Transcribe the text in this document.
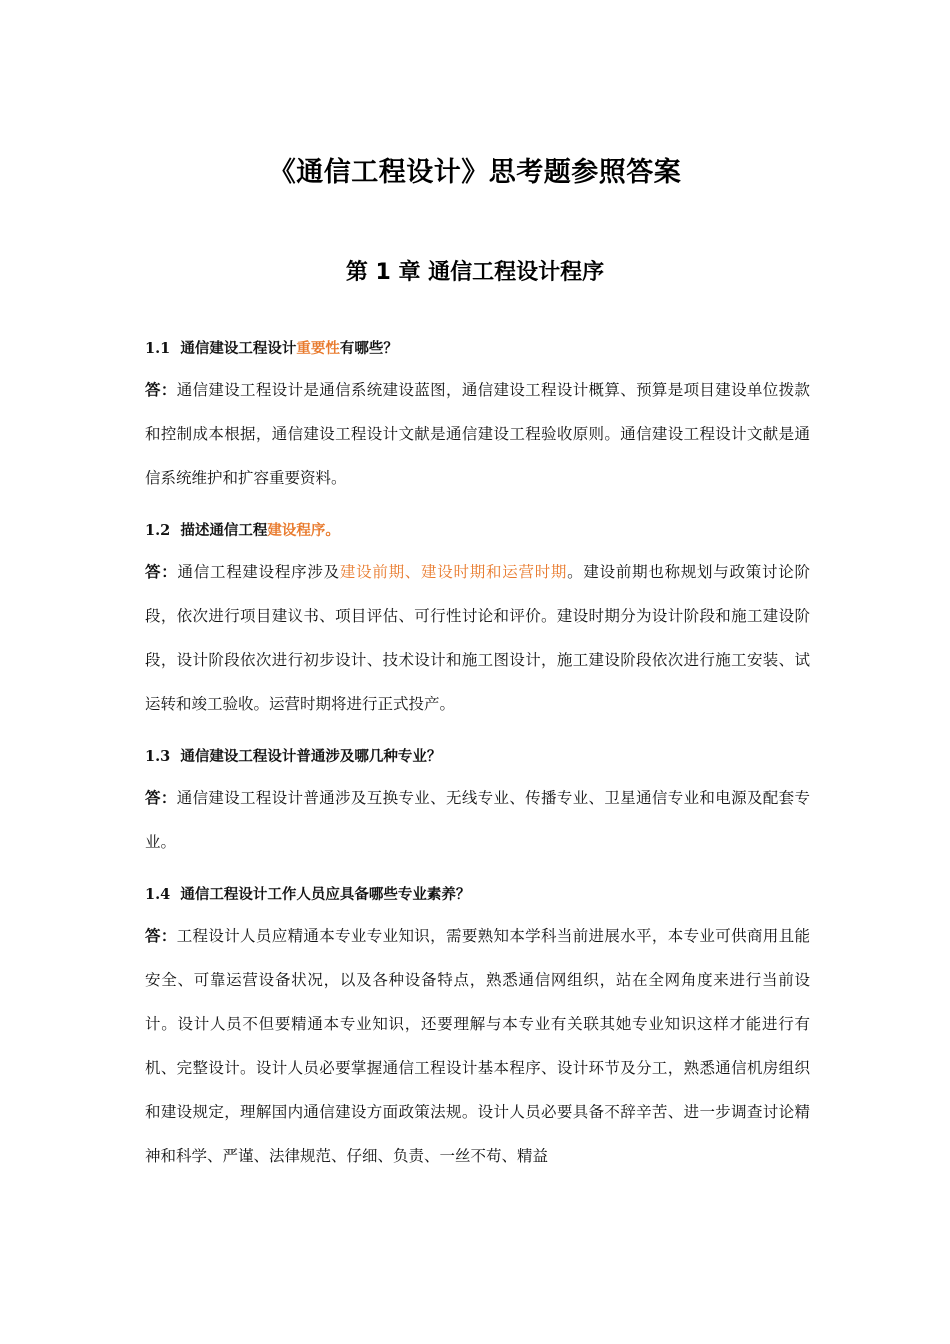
《通信工程设计》思考题参照答案
第 1 章 通信工程设计程序

1.1 通信建设工程设计重要性有哪些？

答：通信建设工程设计是通信系统建设蓝图，通信建设工程设计概算、预算是项目建设单位拨款和控制成本根据，通信建设工程设计文献是通信建设工程验收原则。通信建设工程设计文献是通信系统维护和扩容重要资料。

1.2 描述通信工程建设程序。

答：通信工程建设程序涉及建设前期、建设时期和运营时期。建设前期也称规划与政策讨论阶段，依次进行项目建议书、项目评估、可行性讨论和评价。建设时期分为设计阶段和施工建设阶段，设计阶段依次进行初步设计、技术设计和施工图设计，施工建设阶段依次进行施工安装、试运转和竣工验收。运营时期将进行正式投产。

1.3 通信建设工程设计普通涉及哪几种专业？

答：通信建设工程设计普通涉及互换专业、无线专业、传播专业、卫星通信专业和电源及配套专业。

1.4 通信工程设计工作人员应具备哪些专业素养？

答：工程设计人员应精通本专业专业知识，需要熟知本学科当前进展水平，本专业可供商用且能安全、可靠运营设备状况，以及各种设备特点，熟悉通信网组织，站在全网角度来进行当前设计。设计人员不但要精通本专业知识，还要理解与本专业有关联其她专业知识这样才能进行有机、完整设计。设计人员必要掌握通信工程设计基本程序、设计环节及分工，熟悉通信机房组织和建设规定，理解国内通信建设方面政策法规。设计人员必要具备不辞辛苦、进一步调查讨论精神和科学、严谨、法律规范、仔细、负责、一丝不苟、精益
